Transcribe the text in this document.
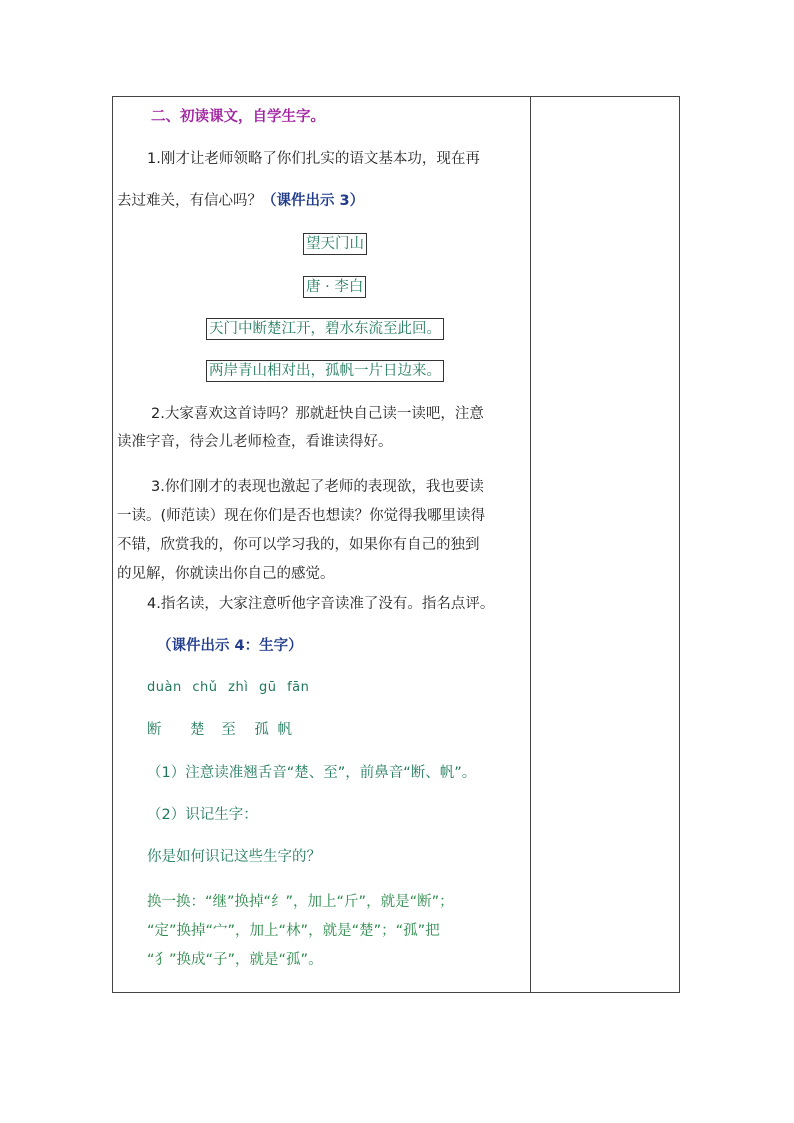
二、初读课文，自学生字。
1.刚才让老师领略了你们扎实的语文基本功，现在再
去过难关，有信心吗？（课件出示 3）
望天门山
唐 · 李白
天门中断楚江开，碧水东流至此回。
两岸青山相对出，孤帆一片日边来。
2.大家喜欢这首诗吗？那就赶快自己读一读吧，注意
读准字音，待会儿老师检查，看谁读得好。
3.你们刚才的表现也激起了老师的表现欲，我也要读
一读。(师范读）现在你们是否也想读？你觉得我哪里读得
不错，欣赏我的，你可以学习我的，如果你有自己的独到
的见解，你就读出你自己的感觉。
4.指名读，大家注意听他字音读准了没有。指名点评。
（课件出示 4：生字）
duàn chǔ zhì gū fān
断 楚 至 孤 帆
（1）注意读准翘舌音“楚、至”，前鼻音“断、帆”。
（2）识记生字：
你是如何识记这些生字的？
换一换：“继”换掉“纟”，加上“斤”，就是“断”；
“定”换掉“宀”，加上“林”，就是“楚”；“孤”把
“犭”换成“子”，就是“孤”。
